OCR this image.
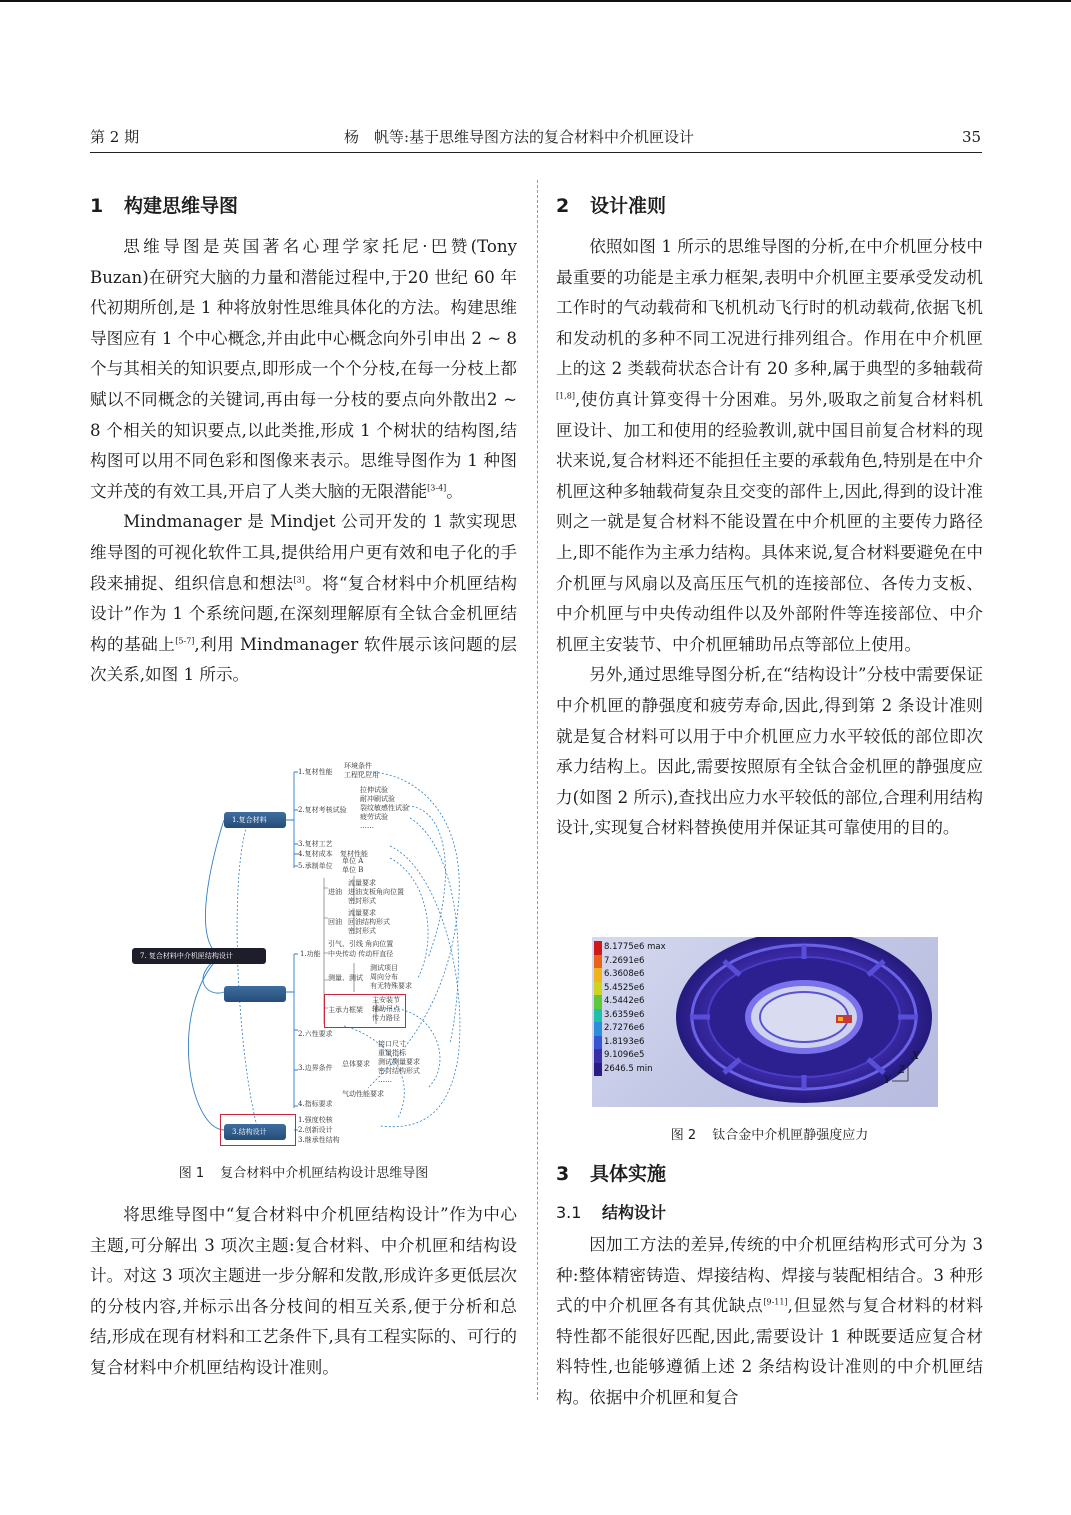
第 2 期	杨　帆等:基于思维导图方法的复合材料中介机匣设计	35
1 构建思维导图

思维导图是英国著名心理学家托尼·巴赞(Tony Buzan)在研究大脑的力量和潜能过程中,于20 世纪 60 年代初期所创,是 1 种将放射性思维具体化的方法。构建思维导图应有 1 个中心概念,并由此中心概念向外引申出 2 ~ 8 个与其相关的知识要点,即形成一个个分枝,在每一分枝上都赋以不同概念的关键词,再由每一分枝的要点向外散出2 ~ 8 个相关的知识要点,以此类推,形成 1 个树状的结构图,结构图可以用不同色彩和图像来表示。思维导图作为 1 种图文并茂的有效工具,开启了人类大脑的无限潜能[3-4]。

Mindmanager 是 Mindjet 公司开发的 1 款实现思维导图的可视化软件工具,提供给用户更有效和电子化的手段来捕捉、组织信息和想法[3]。将“复合材料中介机匣结构设计”作为 1 个系统问题,在深刻理解原有全钛合金机匣结构的基础上[5-7],利用 Mindmanager 软件展示该问题的层次关系,如图 1 所示。

1.复合材料
7. 复合材料中介机匣结构设计
3.结构设计
1.复材性能
环境条件
工程化应用
2.复材考核试验
拉伸试验
耐冲刷试验
裂纹敏感性试验
疲劳试验
……
3.复材工艺
4.复材成本 复材性能
5.承制单位
单位 A
单位 B
1.功能
进油
流量要求
进油支板角向位置
密封形式
回油
流量要求
回油结构形式
密封形式
引气、引线 角向位置
中央传动 传动杆直径
测量、测试
测试项目
周向分布
有无特殊要求
主承力框架
主安装节
辅助吊点
传力路径
2.六性要求
3.边界条件 总体要求
接口尺寸
重量指标
测试测量要求
密封结构形式
……
气动性能要求
4.指标要求
1.强度校核
2.创新设计
3.继承性结构
图 1 复合材料中介机匣结构设计思维导图

将思维导图中“复合材料中介机匣结构设计”作为中心主题,可分解出 3 项次主题:复合材料、中介机匣和结构设计。对这 3 项次主题进一步分解和发散,形成许多更低层次的分枝内容,并标示出各分枝间的相互关系,便于分析和总结,形成在现有材料和工艺条件下,具有工程实际的、可行的复合材料中介机匣结构设计准则。

2 设计准则

依照如图 1 所示的思维导图的分析,在中介机匣分枝中最重要的功能是主承力框架,表明中介机匣主要承受发动机工作时的气动载荷和飞机机动飞行时的机动载荷,依据飞机和发动机的多种不同工况进行排列组合。作用在中介机匣上的这 2 类载荷状态合计有 20 多种,属于典型的多轴载荷[1,8],使仿真计算变得十分困难。另外,吸取之前复合材料机匣设计、加工和使用的经验教训,就中国目前复合材料的现状来说,复合材料还不能担任主要的承载角色,特别是在中介机匣这种多轴载荷复杂且交变的部件上,因此,得到的设计准则之一就是复合材料不能设置在中介机匣的主要传力路径上,即不能作为主承力结构。具体来说,复合材料要避免在中介机匣与风扇以及高压压气机的连接部位、各传力支板、中介机匣与中央传动组件以及外部附件等连接部位、中介机匣主安装节、中介机匣辅助吊点等部位上使用。

另外,通过思维导图分析,在“结构设计”分枝中需要保证中介机匣的静强度和疲劳寿命,因此,得到第 2 条设计准则就是复合材料可以用于中介机匣应力水平较低的部位即次承力结构上。因此,需要按照原有全钛合金机匣的静强度应力(如图 2 所示),查找出应力水平较低的部位,合理利用结构设计,实现复合材料替换使用并保证其可靠使用的目的。

8.1775e6 max
7.2691e6
6.3608e6
5.4525e6
4.5442e6
3.6359e6
2.7276e6
1.8193e6
9.1096e5
2646.5 min
X
Z
Y
图 2 钛合金中介机匣静强度应力
3 具体实施
3.1 结构设计

因加工方法的差异,传统的中介机匣结构形式可分为 3 种:整体精密铸造、焊接结构、焊接与装配相结合。3 种形式的中介机匣各有其优缺点[9-11],但显然与复合材料的材料特性都不能很好匹配,因此,需要设计 1 种既要适应复合材料特性,也能够遵循上述 2 条结构设计准则的中介机匣结构。依据中介机匣和复合
